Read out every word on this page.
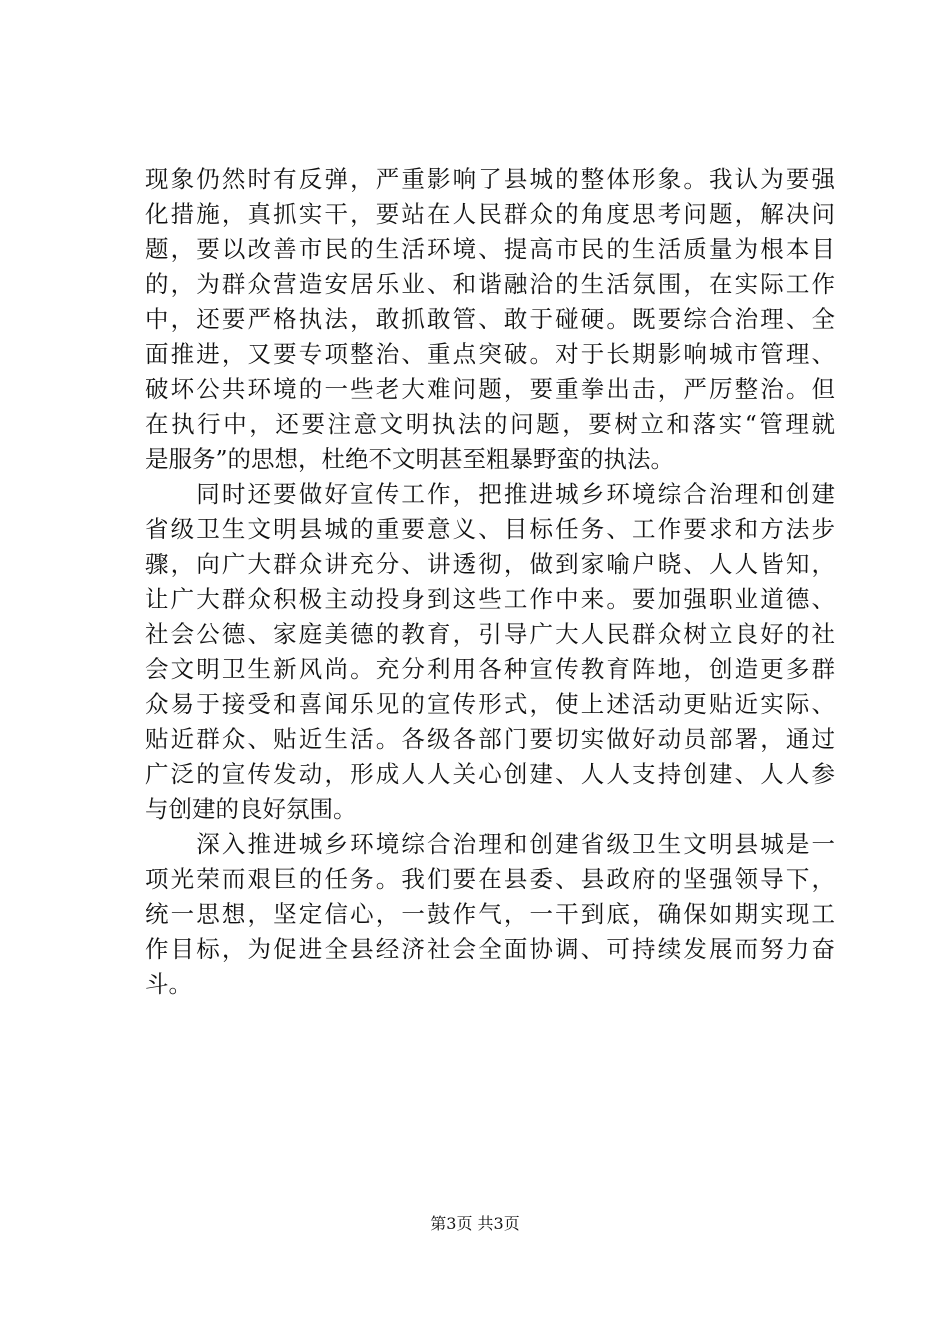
现象仍然时有反弹，严重影响了县城的整体形象。我认为要强
化措施，真抓实干，要站在人民群众的角度思考问题，解决问
题，要以改善市民的生活环境、提高市民的生活质量为根本目
的，为群众营造安居乐业、和谐融洽的生活氛围，在实际工作
中，还要严格执法，敢抓敢管、敢于碰硬。既要综合治理、全
面推进，又要专项整治、重点突破。对于长期影响城市管理、
破坏公共环境的一些老大难问题，要重拳出击，严厉整治。但
在执行中，还要注意文明执法的问题，要树立和落实“管理就
是服务”的思想，杜绝不文明甚至粗暴野蛮的执法。
　　同时还要做好宣传工作，把推进城乡环境综合治理和创建
省级卫生文明县城的重要意义、目标任务、工作要求和方法步
骤，向广大群众讲充分、讲透彻，做到家喻户晓、人人皆知，
让广大群众积极主动投身到这些工作中来。要加强职业道德、
社会公德、家庭美德的教育，引导广大人民群众树立良好的社
会文明卫生新风尚。充分利用各种宣传教育阵地，创造更多群
众易于接受和喜闻乐见的宣传形式，使上述活动更贴近实际、
贴近群众、贴近生活。各级各部门要切实做好动员部署，通过
广泛的宣传发动，形成人人关心创建、人人支持创建、人人参
与创建的良好氛围。
　　深入推进城乡环境综合治理和创建省级卫生文明县城是一
项光荣而艰巨的任务。我们要在县委、县政府的坚强领导下，
统一思想，坚定信心，一鼓作气，一干到底，确保如期实现工
作目标，为促进全县经济社会全面协调、可持续发展而努力奋
斗。
第3页 共3页
